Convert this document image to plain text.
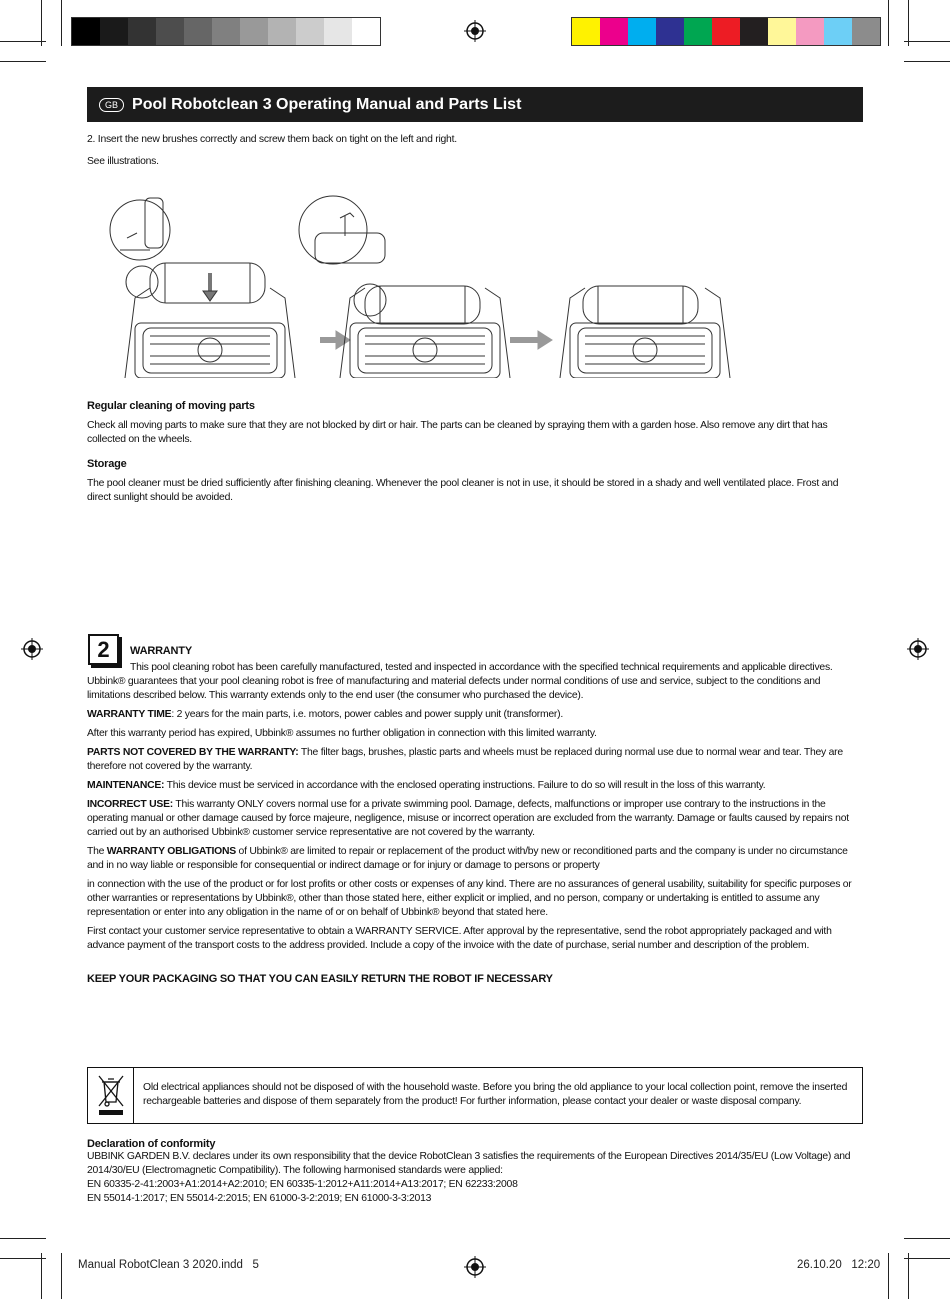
GB Pool Robotclean 3 Operating Manual and Parts List
2. Insert the new brushes correctly and screw them back on tight on the left and right.
See illustrations.
Regular cleaning of moving parts
Check all moving parts to make sure that they are not blocked by dirt or hair. The parts can be cleaned by spraying them with a garden hose. Also remove any dirt that has collected on the wheels.
Storage
The pool cleaner must be dried sufficiently after finishing cleaning. Whenever the pool cleaner is not in use, it should be stored in a shady and well ventilated place. Frost and direct sunlight should be avoided.
2	WARRANTY
This pool cleaning robot has been carefully manufactured, tested and inspected in accordance with the specified technical requirements and applicable directives. Ubbink® guarantees that your pool cleaning robot is free of manufacturing and material defects under normal conditions of use and service, subject to the conditions and limitations described below. This warranty extends only to the end user (the consumer who purchased the device).
WARRANTY TIME: 2 years for the main parts, i.e. motors, power cables and power supply unit (transformer).
After this warranty period has expired, Ubbink® assumes no further obligation in connection with this limited warranty.
PARTS NOT COVERED BY THE WARRANTY: The filter bags, brushes, plastic parts and wheels must be replaced during normal use due to normal wear and tear. They are therefore not covered by the warranty.
MAINTENANCE: This device must be serviced in accordance with the enclosed operating instructions. Failure to do so will result in the loss of this warranty.
INCORRECT USE: This warranty ONLY covers normal use for a private swimming pool. Damage, defects, malfunctions or improper use contrary to the instructions in the operating manual or other damage caused by force majeure, negligence, misuse or incorrect operation are excluded from the warranty. Damage or faults caused by repairs not carried out by an authorised Ubbink® customer service representative are not covered by the warranty.
The WARRANTY OBLIGATIONS of Ubbink® are limited to repair or replacement of the product with/by new or reconditioned parts and the company is under no circumstance and in no way liable or responsible for consequential or indirect damage or for injury or damage to persons or property
in connection with the use of the product or for lost profits or other costs or expenses of any kind. There are no assurances of general usability, suitability for specific purposes or other warranties or representations by Ubbink®, other than those stated here, either explicit or implied, and no person, company or undertaking is entitled to assume any representation or enter into any obligation in the name of or on behalf of Ubbink® beyond that stated here.
First contact your customer service representative to obtain a WARRANTY SERVICE. After approval by the representative, send the robot appropriately packaged and with advance payment of the transport costs to the address provided. Include a copy of the invoice with the date of purchase, serial number and description of the problem.
KEEP YOUR PACKAGING SO THAT YOU CAN EASILY RETURN THE ROBOT IF NECESSARY
Old electrical appliances should not be disposed of with the household waste. Before you bring the old appliance to your local collection point, remove the inserted rechargeable batteries and dispose of them separately from the product! For further information, please contact your dealer or waste disposal company.
Declaration of conformity
UBBINK GARDEN B.V. declares under its own responsibility that the device RobotClean 3 satisfies the requirements of the European Directives 2014/35/EU (Low Voltage) and 2014/30/EU (Electromagnetic Compatibility). The following harmonised standards were applied:
EN 60335-2-41:2003+A1:2014+A2:2010; EN 60335-1:2012+A11:2014+A13:2017; EN 62233:2008
EN 55014-1:2017; EN 55014-2:2015; EN 61000-3-2:2019; EN 61000-3-3:2013
Manual RobotClean 3 2020.indd   5	26.10.20   12:20
